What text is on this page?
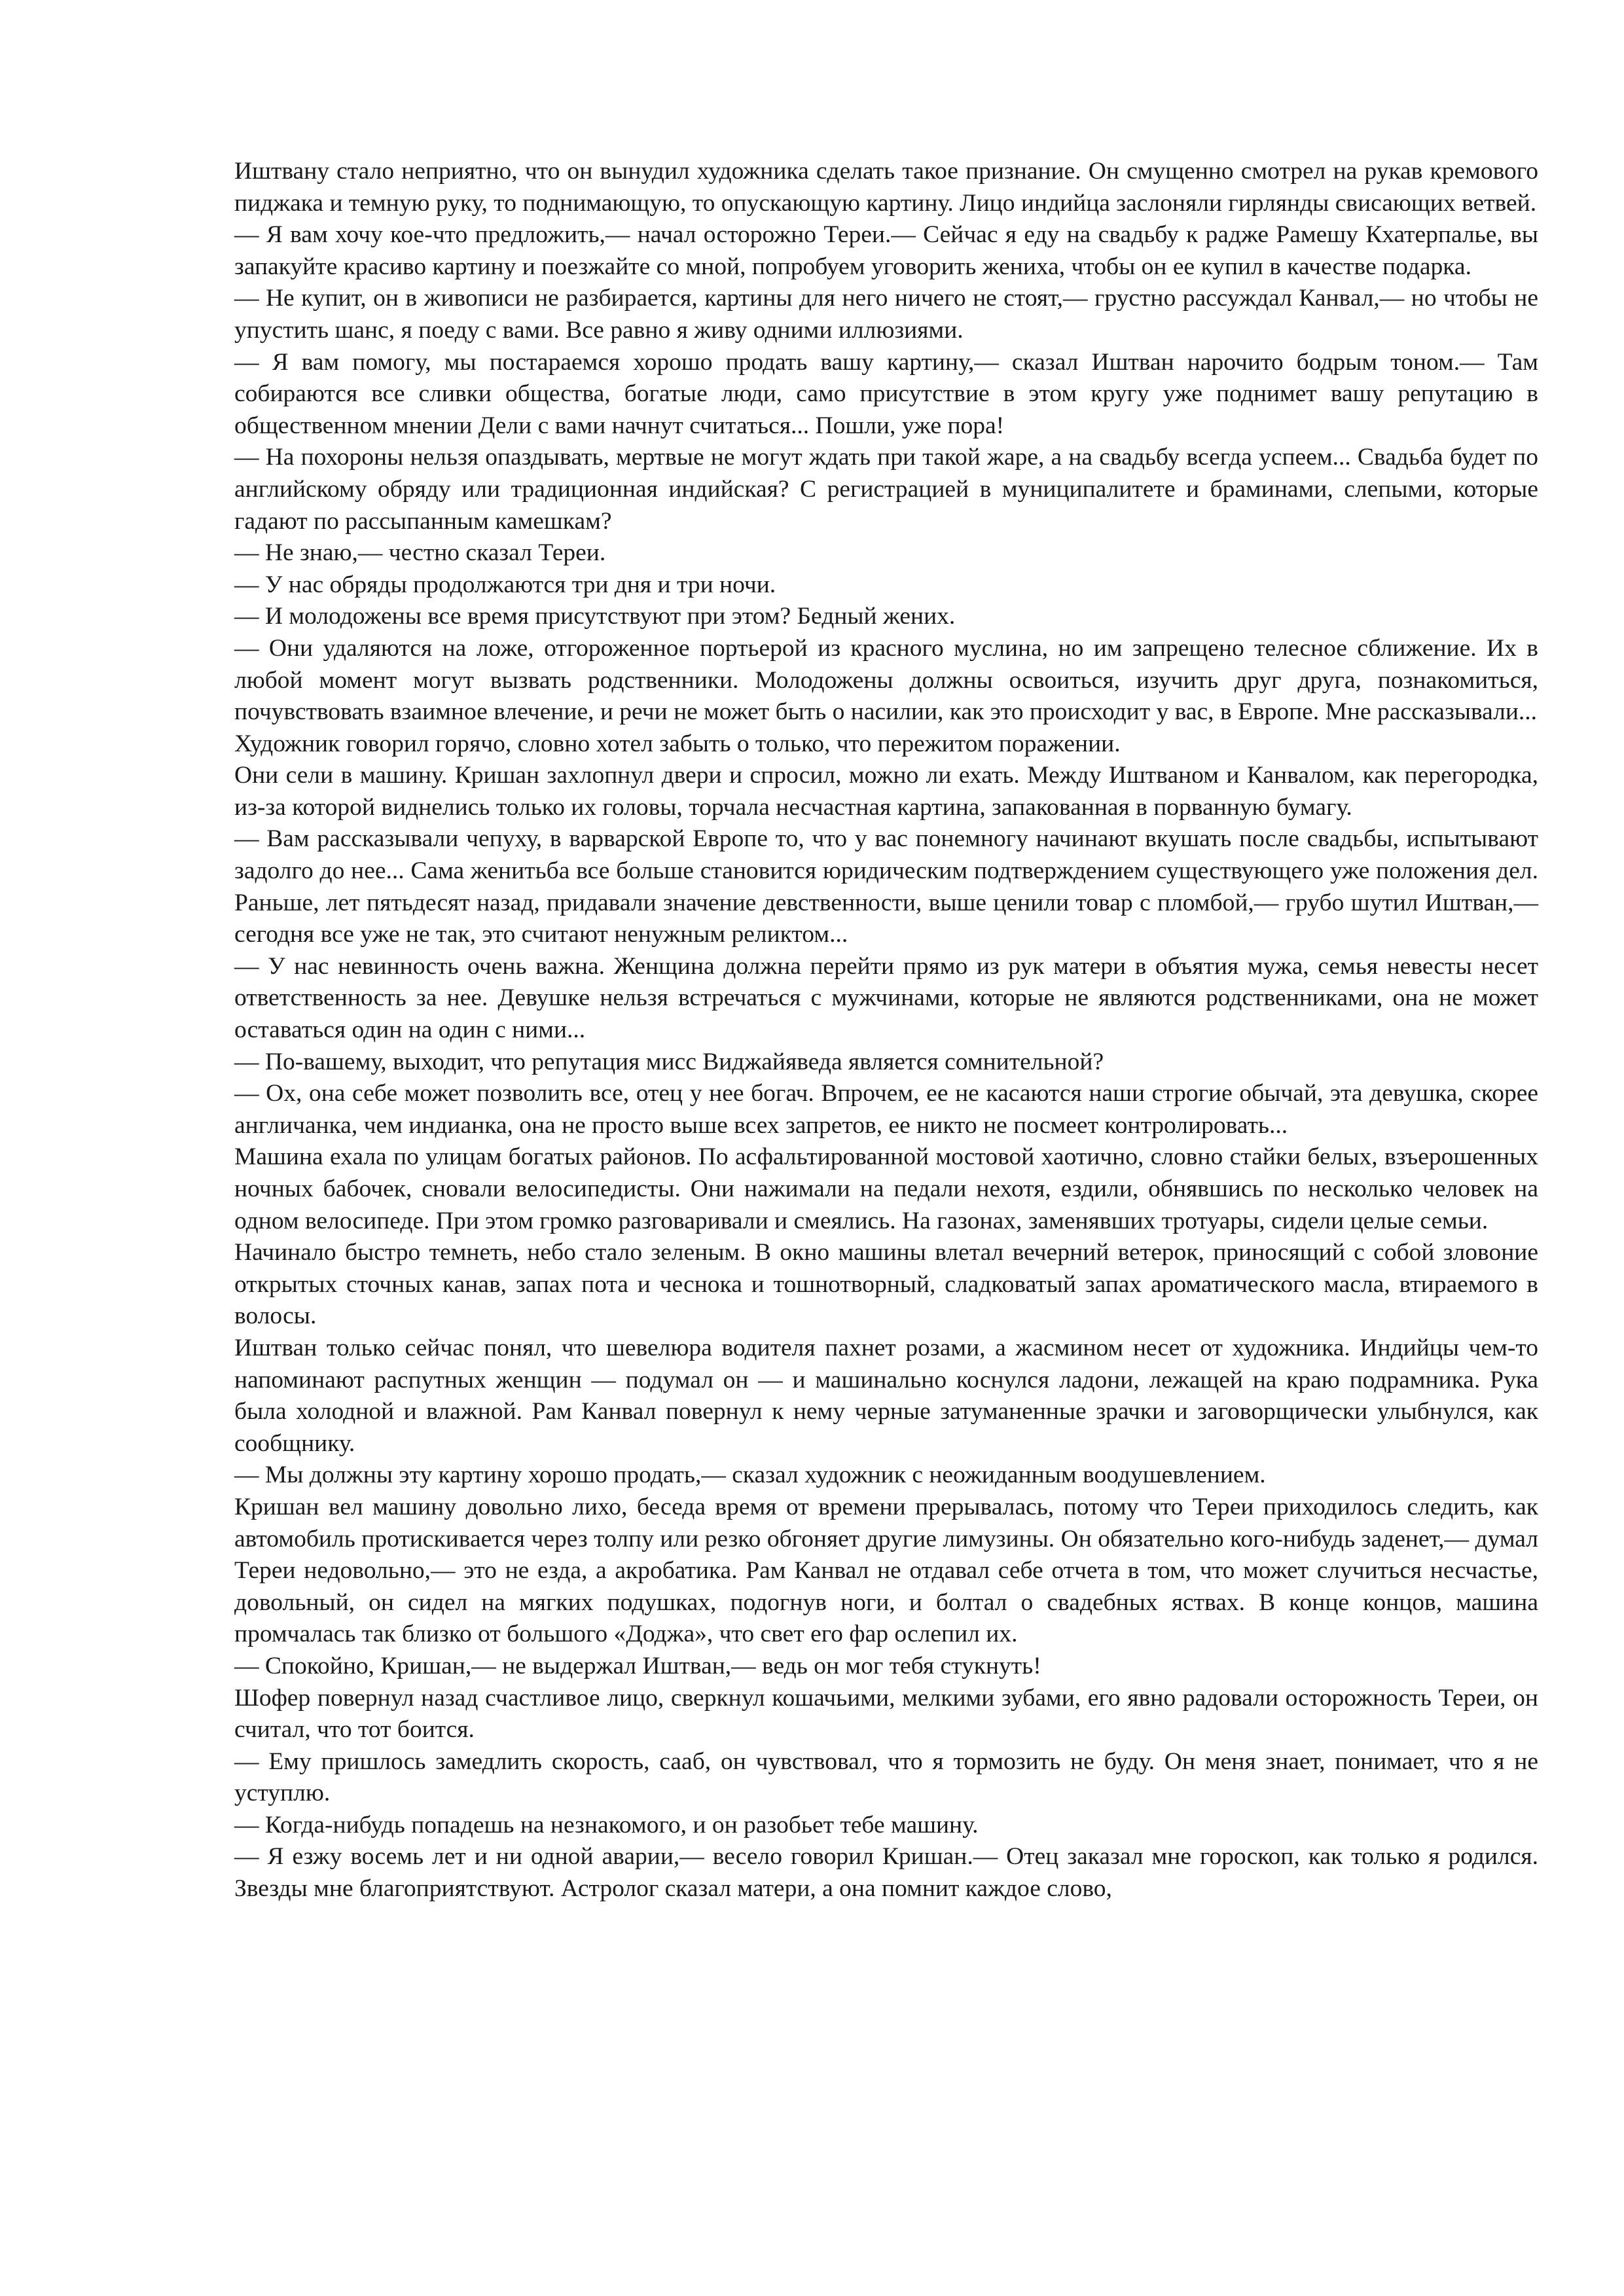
Иштвану стало неприятно, что он вынудил художника сделать такое признание. Он смущенно смотрел на рукав кремового пиджака и темную руку, то поднимающую, то опускающую картину. Лицо индийца заслоняли гирлянды свисающих ветвей.

— Я вам хочу кое-что предложить,— начал осторожно Тереи.— Сейчас я еду на свадьбу к радже Рамешу Кхатерпалье, вы запакуйте красиво картину и поезжайте со мной, попробуем уговорить жениха, чтобы он ее купил в качестве подарка.

— Не купит, он в живописи не разбирается, картины для него ничего не стоят,— грустно рассуждал Канвал,— но чтобы не упустить шанс, я поеду с вами. Все равно я живу одними иллюзиями.

— Я вам помогу, мы постараемся хорошо продать вашу картину,— сказал Иштван нарочито бодрым тоном.— Там собираются все сливки общества, богатые люди, само присутствие в этом кругу уже поднимет вашу репутацию в общественном мнении Дели с вами начнут считаться... Пошли, уже пора!

— На похороны нельзя опаздывать, мертвые не могут ждать при такой жаре, а на свадьбу всегда успеем... Свадьба будет по английскому обряду или традиционная индийская? С регистрацией в муниципалитете и браминами, слепыми, которые гадают по рассыпанным камешкам?

— Не знаю,— честно сказал Тереи.

— У нас обряды продолжаются три дня и три ночи.

— И молодожены все время присутствуют при этом? Бедный жених.

— Они удаляются на ложе, отгороженное портьерой из красного муслина, но им запрещено телесное сближение. Их в любой момент могут вызвать родственники. Молодожены должны освоиться, изучить друг друга, познакомиться, почувствовать взаимное влечение, и речи не может быть о насилии, как это происходит у вас, в Европе. Мне рассказывали...

Художник говорил горячо, словно хотел забыть о только, что пережитом поражении.

Они сели в машину. Кришан захлопнул двери и спросил, можно ли ехать. Между Иштваном и Канвалом, как перегородка, из-за которой виднелись только их головы, торчала несчастная картина, запакованная в порванную бумагу.

— Вам рассказывали чепуху, в варварской Европе то, что у вас понемногу начинают вкушать после свадьбы, испытывают задолго до нее... Сама женитьба все больше становится юридическим подтверждением существующего уже положения дел. Раньше, лет пятьдесят назад, придавали значение девственности, выше ценили товар с пломбой,— грубо шутил Иштван,— сегодня все уже не так, это считают ненужным реликтом...

— У нас невинность очень важна. Женщина должна перейти прямо из рук матери в объятия мужа, семья невесты несет ответственность за нее. Девушке нельзя встречаться с мужчинами, которые не являются родственниками, она не может оставаться один на один с ними...

— По-вашему, выходит, что репутация мисс Виджайяведа является сомнительной?

— Ох, она себе может позволить все, отец у нее богач. Впрочем, ее не касаются наши строгие обычай, эта девушка, скорее англичанка, чем индианка, она не просто выше всех запретов, ее никто не посмеет контролировать...

Машина ехала по улицам богатых районов. По асфальтированной мостовой хаотично, словно стайки белых, взъерошенных ночных бабочек, сновали велосипедисты. Они нажимали на педали нехотя, ездили, обнявшись по несколько человек на одном велосипеде. При этом громко разговаривали и смеялись. На газонах, заменявших тротуары, сидели целые семьи.

Начинало быстро темнеть, небо стало зеленым. В окно машины влетал вечерний ветерок, приносящий с собой зловоние открытых сточных канав, запах пота и чеснока и тошнотворный, сладковатый запах ароматического масла, втираемого в волосы.

Иштван только сейчас понял, что шевелюра водителя пахнет розами, а жасмином несет от художника. Индийцы чем-то напоминают распутных женщин — подумал он — и машинально коснулся ладони, лежащей на краю подрамника. Рука была холодной и влажной. Рам Канвал повернул к нему черные затуманенные зрачки и заговорщически улыбнулся, как сообщнику.

— Мы должны эту картину хорошо продать,— сказал художник с неожиданным воодушевлением.

Кришан вел машину довольно лихо, беседа время от времени прерывалась, потому что Тереи приходилось следить, как автомобиль протискивается через толпу или резко обгоняет другие лимузины. Он обязательно кого-нибудь заденет,— думал Тереи недовольно,— это не езда, а акробатика. Рам Канвал не отдавал себе отчета в том, что может случиться несчастье, довольный, он сидел на мягких подушках, подогнув ноги, и болтал о свадебных яствах. В конце концов, машина промчалась так близко от большого «Доджа», что свет его фар ослепил их.

— Спокойно, Кришан,— не выдержал Иштван,— ведь он мог тебя стукнуть!

Шофер повернул назад счастливое лицо, сверкнул кошачьими, мелкими зубами, его явно радовали осторожность Тереи, он считал, что тот боится.

— Ему пришлось замедлить скорость, сааб, он чувствовал, что я тормозить не буду. Он меня знает, понимает, что я не уступлю.

— Когда-нибудь попадешь на незнакомого, и он разобьет тебе машину.

— Я езжу восемь лет и ни одной аварии,— весело говорил Кришан.— Отец заказал мне гороскоп, как только я родился. Звезды мне благоприятствуют. Астролог сказал матери, а она помнит каждое слово,
